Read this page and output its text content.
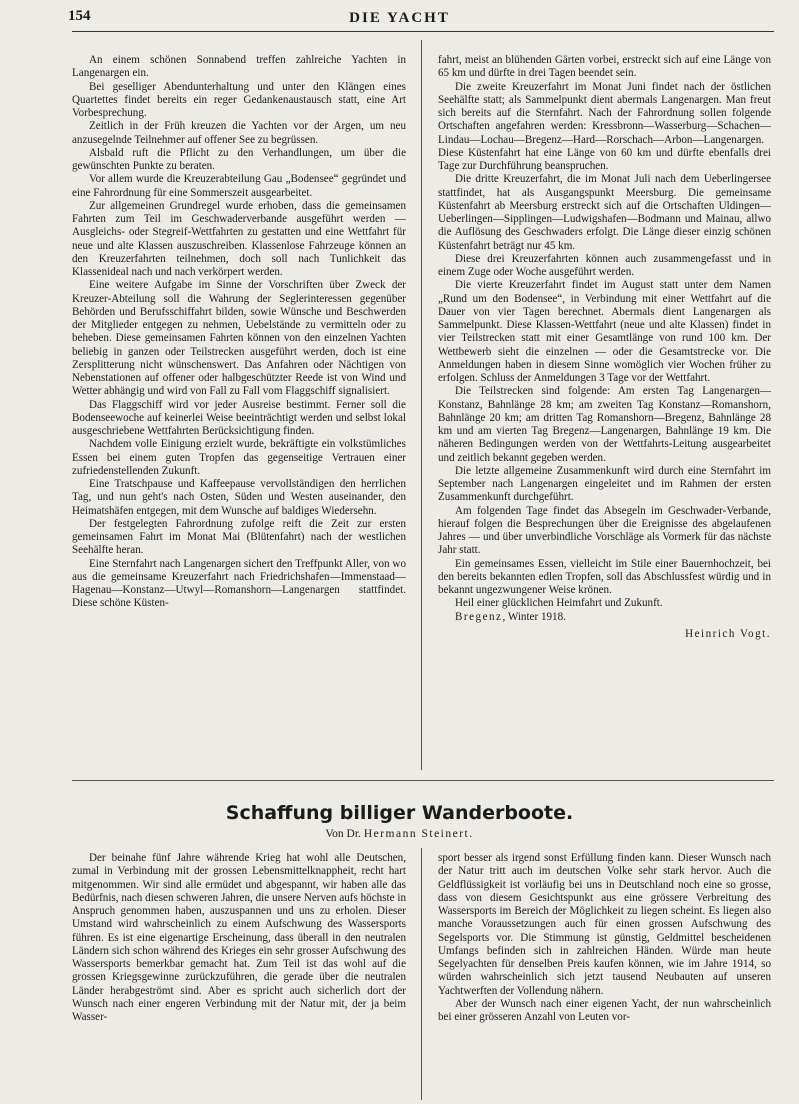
154	DIE YACHT

An einem schönen Sonnabend treffen zahlreiche Yachten in Langenargen ein.

Bei geselliger Abendunterhaltung und unter den Klängen eines Quartettes findet bereits ein reger Gedankenaustausch statt, eine Art Vorbesprechung.

Zeitlich in der Früh kreuzen die Yachten vor der Argen, um neu anzusegelnde Teilnehmer auf offener See zu begrüssen.

Alsbald ruft die Pflicht zu den Verhandlungen, um über die gewünschten Punkte zu beraten.

Vor allem wurde die Kreuzerabteilung Gau „Bodensee“ gegründet und eine Fahrordnung für eine Sommerszeit ausgearbeitet.

Zur allgemeinen Grundregel wurde erhoben, dass die gemeinsamen Fahrten zum Teil im Geschwaderverbande ausgeführt werden — Ausgleichs- oder Stegreif-Wettfahrten zu gestatten und eine Wettfahrt für neue und alte Klassen auszuschreiben. Klassenlose Fahrzeuge können an den Kreuzerfahrten teilnehmen, doch soll nach Tunlichkeit das Klassenideal nach und nach verkörpert werden.

Eine weitere Aufgabe im Sinne der Vorschriften über Zweck der Kreuzer-Abteilung soll die Wahrung der Seglerinteressen gegenüber Behörden und Berufsschiffahrt bilden, sowie Wünsche und Beschwerden der Mitglieder entgegen zu nehmen, Uebelstände zu vermitteln oder zu beheben. Diese gemeinsamen Fahrten können von den einzelnen Yachten beliebig in ganzen oder Teilstrecken ausgeführt werden, doch ist eine Zersplitterung nicht wünschenswert. Das Anfahren oder Nächtigen von Nebenstationen auf offener oder halbgeschützter Reede ist von Wind und Wetter abhängig und wird von Fall zu Fall vom Flaggschiff signalisiert.

Das Flaggschiff wird vor jeder Ausreise bestimmt. Ferner soll die Bodenseewoche auf keinerlei Weise beeinträchtigt werden und selbst lokal ausgeschriebene Wettfahrten Berücksichtigung finden.

Nachdem volle Einigung erzielt wurde, bekräftigte ein volkstümliches Essen bei einem guten Tropfen das gegenseitige Vertrauen einer zufriedenstellenden Zukunft.

Eine Tratschpause und Kaffeepause vervollständigen den herrlichen Tag, und nun geht's nach Osten, Süden und Westen auseinander, den Heimatshäfen entgegen, mit dem Wunsche auf baldiges Wiedersehn.

Der festgelegten Fahrordnung zufolge reift die Zeit zur ersten gemeinsamen Fahrt im Monat Mai (Blütenfahrt) nach der westlichen Seehälfte heran.

Eine Sternfahrt nach Langenargen sichert den Treffpunkt Aller, von wo aus die gemeinsame Kreuzerfahrt nach Friedrichshafen—Immenstaad—Hagenau—Konstanz—Utwyl—Romanshorn—Langenargen stattfindet. Diese schöne Küsten-

fahrt, meist an blühenden Gärten vorbei, erstreckt sich auf eine Länge von 65 km und dürfte in drei Tagen beendet sein.

Die zweite Kreuzerfahrt im Monat Juni findet nach der östlichen Seehälfte statt; als Sammelpunkt dient abermals Langenargen. Man freut sich bereits auf die Sternfahrt. Nach der Fahrordnung sollen folgende Ortschaften angefahren werden: Kressbronn—Wasserburg—Schachen—Lindau—Lochau—Bregenz—Hard—Rorschach—Arbon—Langenargen. Diese Küstenfahrt hat eine Länge von 60 km und dürfte ebenfalls drei Tage zur Durchführung beanspruchen.

Die dritte Kreuzerfahrt, die im Monat Juli nach dem Ueberlingersee stattfindet, hat als Ausgangspunkt Meersburg. Die gemeinsame Küstenfahrt ab Meersburg erstreckt sich auf die Ortschaften Uldingen—Ueberlingen—Sipplingen—Ludwigshafen—Bodmann und Mainau, allwo die Auflösung des Geschwaders erfolgt. Die Länge dieser einzig schönen Küstenfahrt beträgt nur 45 km.

Diese drei Kreuzerfahrten können auch zusammengefasst und in einem Zuge oder Woche ausgeführt werden.

Die vierte Kreuzerfahrt findet im August statt unter dem Namen „Rund um den Bodensee“, in Verbindung mit einer Wettfahrt auf die Dauer von vier Tagen berechnet. Abermals dient Langenargen als Sammelpunkt. Diese Klassen-Wettfahrt (neue und alte Klassen) findet in vier Teilstrecken statt mit einer Gesamtlänge von rund 100 km. Der Wettbewerb sieht die einzelnen — oder die Gesamtstrecke vor. Die Anmeldungen haben in diesem Sinne womöglich vier Wochen früher zu erfolgen. Schluss der Anmeldungen 3 Tage vor der Wettfahrt.

Die Teilstrecken sind folgende: Am ersten Tag Langenargen—Konstanz, Bahnlänge 28 km; am zweiten Tag Konstanz—Romanshorn, Bahnlänge 20 km; am dritten Tag Romanshorn—Bregenz, Bahnlänge 28 km und am vierten Tag Bregenz—Langenargen, Bahnlänge 19 km. Die näheren Bedingungen werden von der Wettfahrts-Leitung ausgearbeitet und zeitlich bekannt gegeben werden.

Die letzte allgemeine Zusammenkunft wird durch eine Sternfahrt im September nach Langenargen eingeleitet und im Rahmen der ersten Zusammenkunft durchgeführt.

Am folgenden Tage findet das Absegeln im Geschwader-Verbande, hierauf folgen die Besprechungen über die Ereignisse des abgelaufenen Jahres — und über unverbindliche Vorschläge als Vormerk für das nächste Jahr statt.

Ein gemeinsames Essen, vielleicht im Stile einer Bauernhochzeit, bei den bereits bekannten edlen Tropfen, soll das Abschlussfest würdig und in bekannt ungezwungener Weise krönen.

Heil einer glücklichen Heimfahrt und Zukunft.

Bregenz, Winter 1918.

Heinrich Vogt.
Schaffung billiger Wanderboote.
Von Dr. Hermann Steinert.

Der beinahe fünf Jahre währende Krieg hat wohl alle Deutschen, zumal in Verbindung mit der grossen Lebensmittelknappheit, recht hart mitgenommen. Wir sind alle ermüdet und abgespannt, wir haben alle das Bedürfnis, nach diesen schweren Jahren, die unsere Nerven aufs höchste in Anspruch genommen haben, auszuspannen und uns zu erholen. Dieser Umstand wird wahrscheinlich zu einem Aufschwung des Wassersports führen. Es ist eine eigenartige Erscheinung, dass überall in den neutralen Ländern sich schon während des Krieges ein sehr grosser Aufschwung des Wassersports bemerkbar gemacht hat. Zum Teil ist das wohl auf die grossen Kriegsgewinne zurückzuführen, die gerade über die neutralen Länder herabgeströmt sind. Aber es spricht auch sicherlich dort der Wunsch nach einer engeren Verbindung mit der Natur mit, der ja beim Wasser-

sport besser als irgend sonst Erfüllung finden kann. Dieser Wunsch nach der Natur tritt auch im deutschen Volke sehr stark hervor. Auch die Geldflüssigkeit ist vorläufig bei uns in Deutschland noch eine so grosse, dass von diesem Gesichtspunkt aus eine grössere Verbreitung des Wassersports im Bereich der Möglichkeit zu liegen scheint. Es liegen also manche Voraussetzungen auch für einen grossen Aufschwung des Segelsports vor. Die Stimmung ist günstig, Geldmittel bescheidenen Umfangs befinden sich in zahlreichen Händen. Würde man heute Segelyachten für denselben Preis kaufen können, wie im Jahre 1914, so würden wahrscheinlich sich jetzt tausend Neubauten auf unseren Yachtwerften der Vollendung nähern.

Aber der Wunsch nach einer eigenen Yacht, der nun wahrscheinlich bei einer grösseren Anzahl von Leuten vor-
